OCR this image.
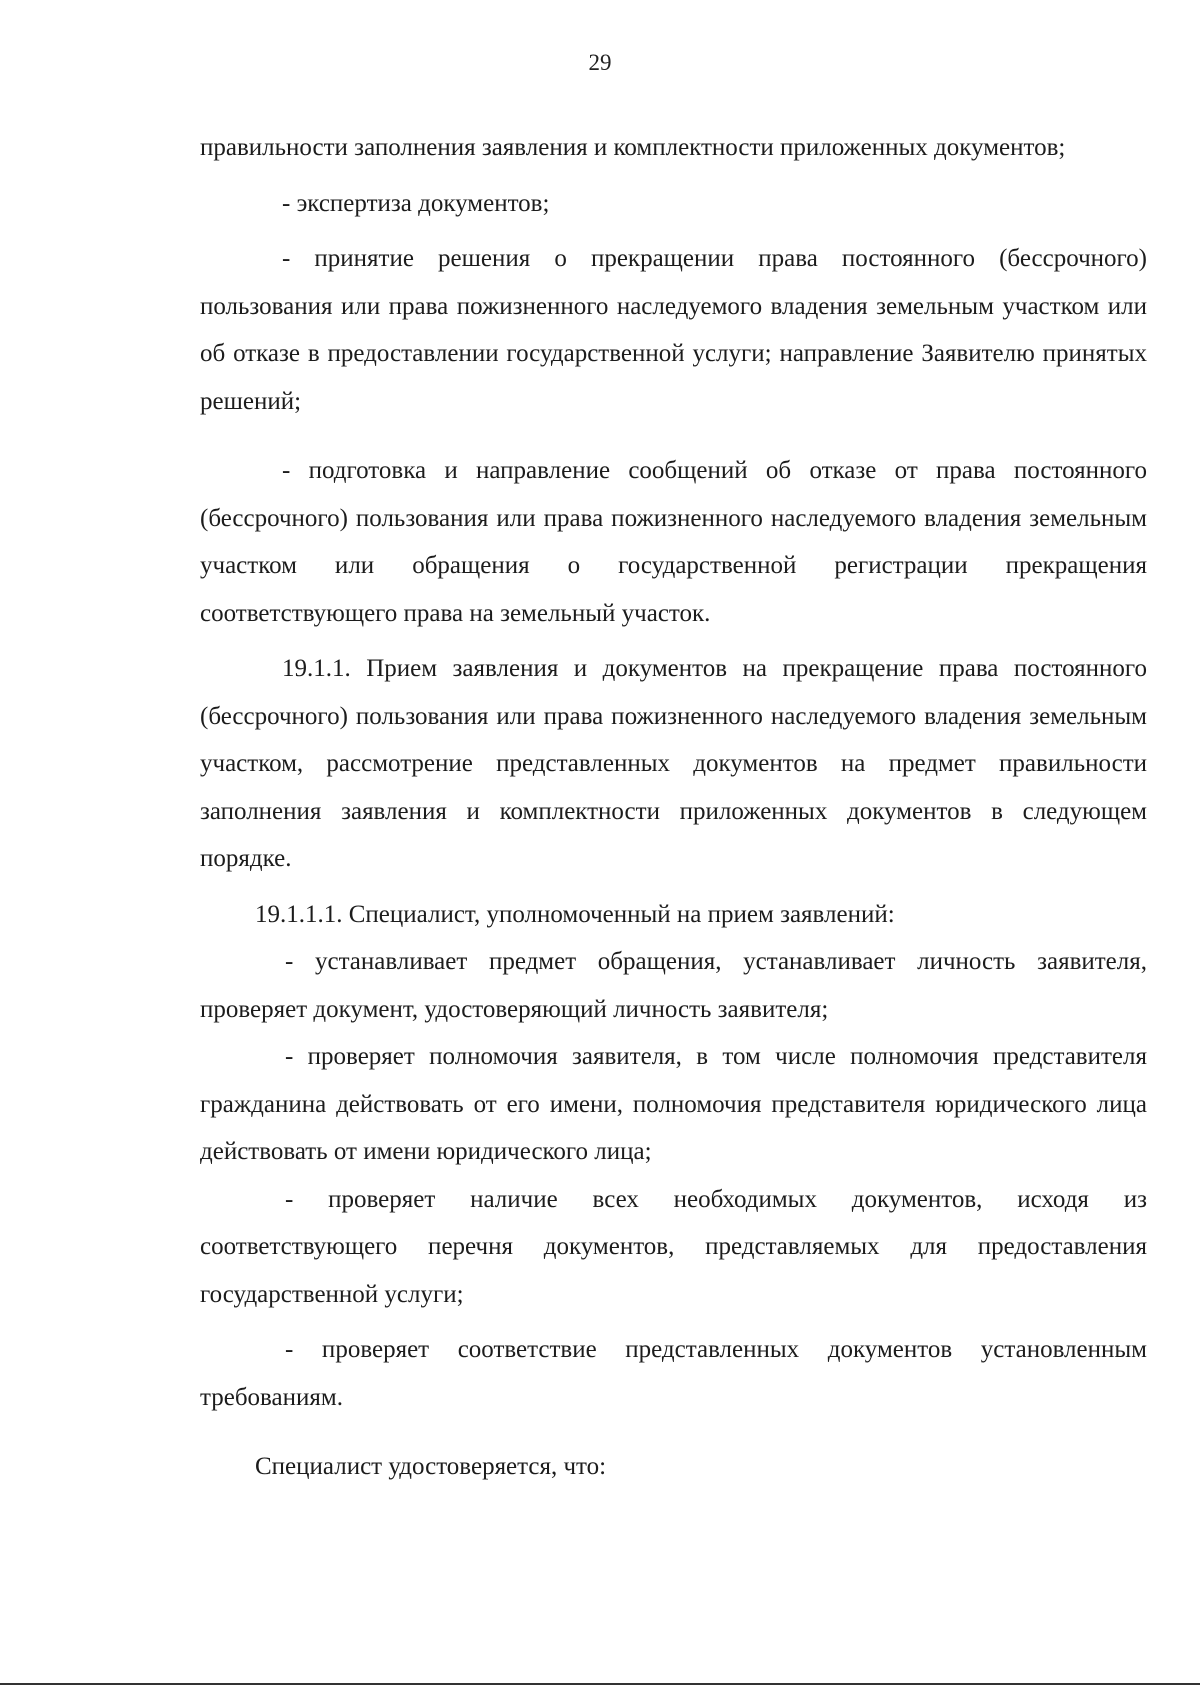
29

правильности заполнения заявления и комплектности приложенных документов;

- экспертиза документов;

- принятие решения о прекращении права постоянного (бессрочного) пользования или права пожизненного наследуемого владения земельным участком или об отказе в предоставлении государственной услуги; направление Заявителю принятых решений;

- подготовка и направление сообщений об отказе от права постоянного (бессрочного) пользования или права пожизненного наследуемого владения земельным участком или обращения о государственной регистрации прекращения соответствующего права на земельный участок.

19.1.1. Прием заявления и документов на прекращение права постоянного (бессрочного) пользования или права пожизненного наследуемого владения земельным участком, рассмотрение представленных документов на предмет правильности заполнения заявления и комплектности приложенных документов в следующем порядке.

19.1.1.1. Специалист, уполномоченный на прием заявлений:

- устанавливает предмет обращения, устанавливает личность заявителя, проверяет документ, удостоверяющий личность заявителя;

- проверяет полномочия заявителя, в том числе полномочия представителя гражданина действовать от его имени, полномочия представителя юридического лица действовать от имени юридического лица;

- проверяет наличие всех необходимых документов, исходя из соответствующего перечня документов, представляемых для предоставления государственной услуги;

- проверяет соответствие представленных документов установленным требованиям.

Специалист удостоверяется, что:
